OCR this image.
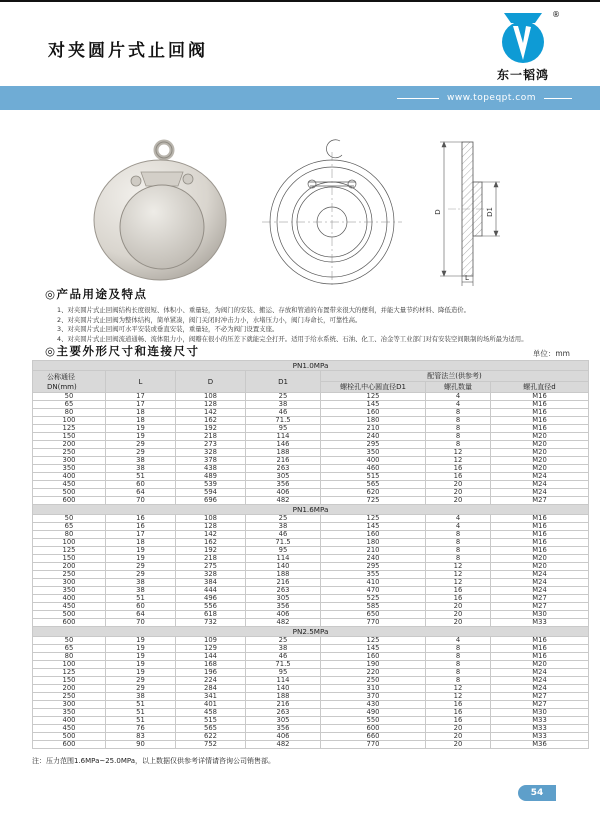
对夹圆片式止回阀
®
东一韬鸿
www.topeqpt.com
D	D1
L
◎产品用途及特点
1、对夹圆片式止回阀结构长度很短、体积小、重量轻，为阀门的安装、搬运、存放和管道的布置带来很大的便利，并能大量节约材料、降低造价。
2、对夹圆片式止回阀为整体结构，简单紧凑，阀门关闭时冲击力小，水堵压力小，阀门寿命长，可靠性高。
3、对夹圆片式止回阀可水平安装或垂直安装，重量轻，不必为阀门设置支座。
4、对夹圆片式止回阀流道通畅、流体阻力小，阀瓣在很小的压差下就能完全打开。适用于给水系统、石油、化工、冶金等工业部门对有安装空间限制的场所最为适用。
◎主要外形尺寸和连接尺寸	单位：mm
PN1.0MPa						

公称通径
DN(mm)	L	D	D1	配管法兰(供参考)		
				螺栓孔中心圆直径D1	螺孔数量	螺孔直径d
50	17	108	25	125	4	M16
65	17	128	38	145	4	M16
80	18	142	46	160	8	M16
100	18	162	71.5	180	8	M16
125	19	192	95	210	8	M16
150	19	218	114	240	8	M20
200	29	273	146	295	8	M20
250	29	328	188	350	12	M20
300	38	378	216	400	12	M20
350	38	438	263	460	16	M20
400	51	489	305	515	16	M24
450	60	539	356	565	20	M24
500	64	594	406	620	20	M24
600	70	696	482	725	20	M27
PN1.6MPa						
50	16	108	25	125	4	M16
65	16	128	38	145	4	M16
80	17	142	46	160	8	M16
100	18	162	71.5	180	8	M16
125	19	192	95	210	8	M16
150	19	218	114	240	8	M20
200	29	275	140	295	12	M20
250	29	328	188	355	12	M24
300	38	384	216	410	12	M24
350	38	444	263	470	16	M24
400	51	496	305	525	16	M27
450	60	556	356	585	20	M27
500	64	618	406	650	20	M30
600	70	732	482	770	20	M33
PN2.5MPa						
50	19	109	25	125	4	M16
65	19	129	38	145	8	M16
80	19	144	46	160	8	M16
100	19	168	71.5	190	8	M20
125	19	196	95	220	8	M24
150	29	224	114	250	8	M24
200	29	284	140	310	12	M24
250	38	341	188	370	12	M27
300	51	401	216	430	16	M27
350	51	458	263	490	16	M30
400	51	515	305	550	16	M33
450	76	565	356	600	20	M33
500	83	622	406	660	20	M33
600	90	752	482	770	20	M36
注：压力范围1.6MPa~25.0MPa，以上数据仅供参考详情请咨询公司销售部。
54
